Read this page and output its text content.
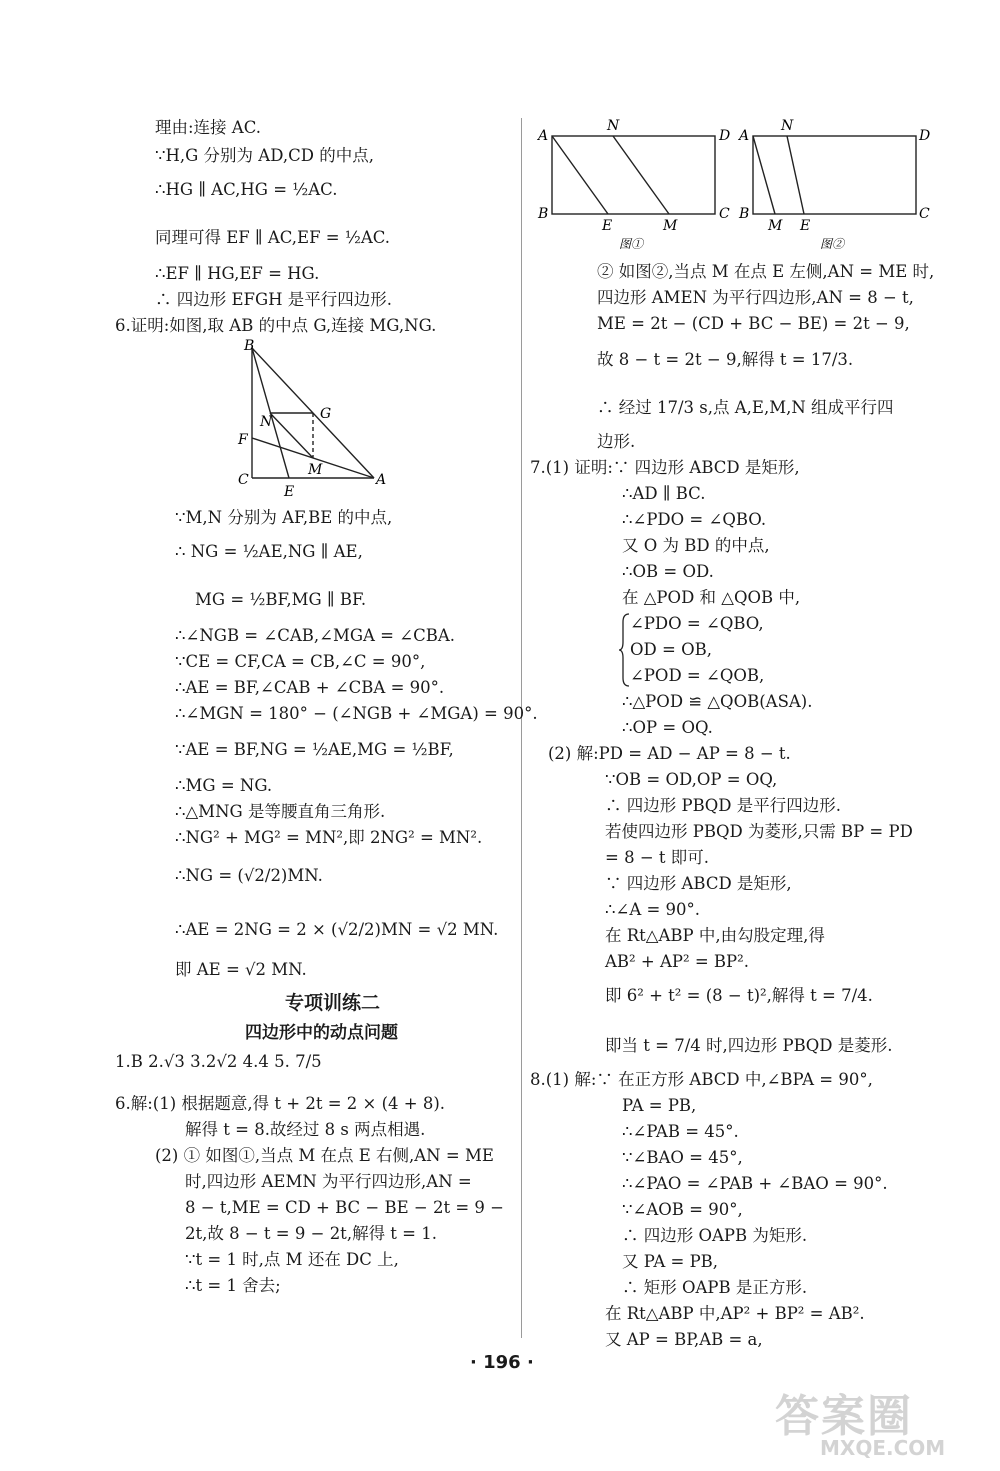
理由:连接 AC.
∵H,G 分别为 AD,CD 的中点,
∴HG ∥ AC,HG = ½AC.
同理可得 EF ∥ AC,EF = ½AC.
∴EF ∥ HG,EF = HG.
∴ 四边形 EFGH 是平行四边形.
6.证明:如图,取 AB 的中点 G,连接 MG,NG.
∵M,N 分别为 AF,BE 的中点,
∴ NG = ½AE,NG ∥ AE,
MG = ½BF,MG ∥ BF.
∴∠NGB = ∠CAB,∠MGA = ∠CBA.
∵CE = CF,CA = CB,∠C = 90°,
∴AE = BF,∠CAB + ∠CBA = 90°.
∴∠MGN = 180° − (∠NGB + ∠MGA) = 90°.
∵AE = BF,NG = ½AE,MG = ½BF,
∴MG = NG.
∴△MNG 是等腰直角三角形.
∴NG² + MG² = MN²,即 2NG² = MN².
∴NG = (√2/2)MN.
∴AE = 2NG = 2 × (√2/2)MN = √2 MN.
即 AE = √2 MN.
1.B 2.√3 3.2√2 4.4 5. 7/5
6.解:(1) 根据题意,得 t + 2t = 2 × (4 + 8).
解得 t = 8.故经过 8 s 两点相遇.
(2) ① 如图①,当点 M 在点 E 右侧,AN = ME
时,四边形 AEMN 为平行四边形,AN =
8 − t,ME = CD + BC − BE − 2t = 9 −
2t,故 8 − t = 9 − 2t,解得 t = 1.
∵t = 1 时,点 M 还在 DC 上,
∴t = 1 舍去;
② 如图②,当点 M 在点 E 左侧,AN = ME 时,
四边形 AMEN 为平行四边形,AN = 8 − t,
ME = 2t − (CD + BC − BE) = 2t − 9,
故 8 − t = 2t − 9,解得 t = 17/3.
∴ 经过 17/3 s,点 A,E,M,N 组成平行四
边形.
7.(1) 证明:∵ 四边形 ABCD 是矩形,
∴AD ∥ BC.
∴∠PDO = ∠QBO.
又 O 为 BD 的中点,
∴OB = OD.
在 △POD 和 △QOB 中,
∠PDO = ∠QBO,
OD = OB,
∠POD = ∠QOB,
∴△POD ≌ △QOB(ASA).
∴OP = OQ.
(2) 解:PD = AD − AP = 8 − t.
∵OB = OD,OP = OQ,
∴ 四边形 PBQD 是平行四边形.
若使四边形 PBQD 为菱形,只需 BP = PD
= 8 − t 即可.
∵ 四边形 ABCD 是矩形,
∴∠A = 90°.
在 Rt△ABP 中,由勾股定理,得
AB² + AP² = BP².
即 6² + t² = (8 − t)²,解得 t = 7/4.
即当 t = 7/4 时,四边形 PBQD 是菱形.
8.(1) 解:∵ 在正方形 ABCD 中,∠BPA = 90°,
PA = PB,
∴∠PAB = 45°.
∵∠BAO = 45°,
∴∠PAO = ∠PAB + ∠BAO = 90°.
∵∠AOB = 90°,
∴ 四边形 OAPB 为矩形.
又 PA = PB,
∴ 矩形 OAPB 是正方形.
在 Rt△ABP 中,AP² + BP² = AB².
又 AP = BP,AB = a,
B
F
C
N	G
M
E
A
A
N
D
B
E	M
C
图①
A
N
D
B
M E
C
图②
专项训练二
四边形中的动点问题
· 196 ·
答案圈
MXQE.COM
